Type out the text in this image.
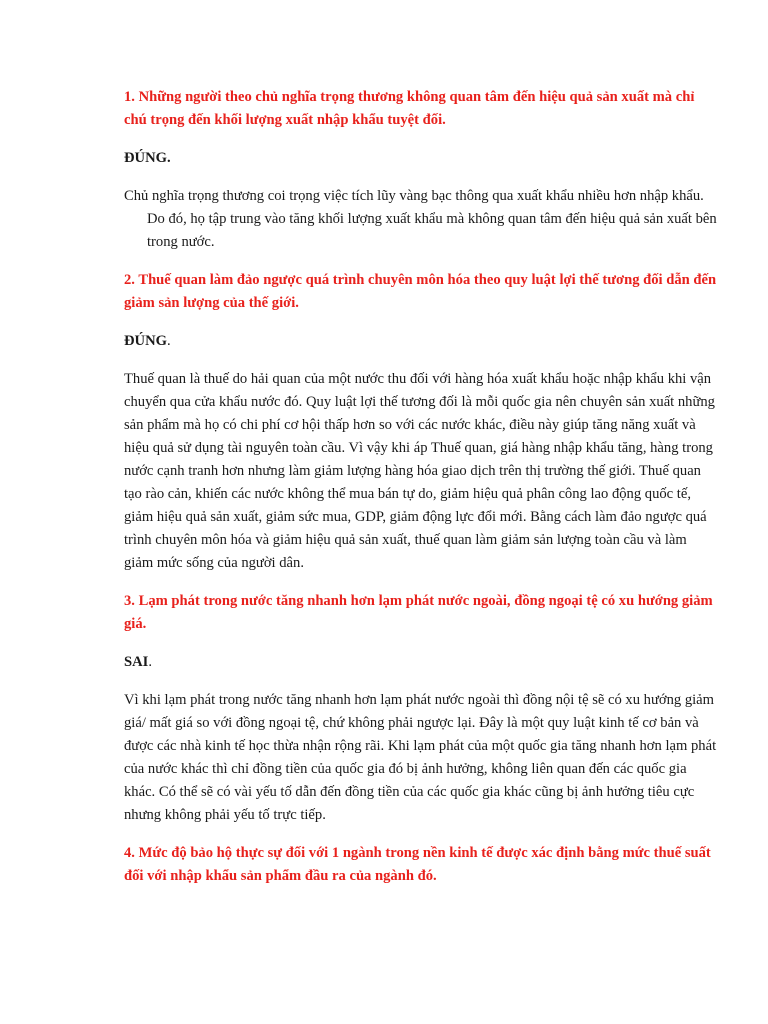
1. Những người theo chủ nghĩa trọng thương không quan tâm đến hiệu quả sản xuất mà chỉ chú trọng đến khối lượng xuất nhập khẩu tuyệt đối.

ĐÚNG.

Chủ nghĩa trọng thương coi trọng việc tích lũy vàng bạc thông qua xuất khẩu nhiều hơn nhập khẩu. Do đó, họ tập trung vào tăng khối lượng xuất khẩu mà không quan tâm đến hiệu quả sản xuất bên trong nước.

2. Thuế quan làm đảo ngược quá trình chuyên môn hóa theo quy luật lợi thế tương đối dẫn đến giảm sản lượng của thế giới.

ĐÚNG.

Thuế quan là thuế do hải quan của một nước thu đối với hàng hóa xuất khẩu hoặc nhập khẩu khi vận chuyển qua cửa khẩu nước đó. Quy luật lợi thế tương đối là mỗi quốc gia nên chuyên sản xuất những sản phẩm mà họ có chi phí cơ hội thấp hơn so với các nước khác, điều này giúp tăng năng xuất và hiệu quả sử dụng tài nguyên toàn cầu. Vì vậy khi áp Thuế quan, giá hàng nhập khẩu tăng, hàng trong nước cạnh tranh hơn nhưng làm giảm lượng hàng hóa giao dịch trên thị trường thế giới. Thuế quan tạo rào cản, khiến các nước không thể mua bán tự do, giảm hiệu quả phân công lao động quốc tế, giảm hiệu quả sản xuất, giảm sức mua, GDP, giảm động lực đổi mới. Bằng cách làm đảo ngược quá trình chuyên môn hóa và giảm hiệu quả sản xuất, thuế quan làm giảm sản lượng toàn cầu và làm giảm mức sống của người dân.

3. Lạm phát trong nước tăng nhanh hơn lạm phát nước ngoài, đồng ngoại tệ có xu hướng giảm giá.

SAI.

Vì khi lạm phát trong nước tăng nhanh hơn lạm phát nước ngoài thì đồng nội tệ sẽ có xu hướng giảm giá/ mất giá so với đồng ngoại tệ, chứ không phải ngược lại. Đây là một quy luật kinh tế cơ bản và được các nhà kinh tế học thừa nhận rộng rãi. Khi lạm phát của một quốc gia tăng nhanh hơn lạm phát của nước khác thì chỉ đồng tiền của quốc gia đó bị ảnh hưởng, không liên quan đến các quốc gia khác. Có thể sẽ có vài yếu tố dẫn đến đồng tiền của các quốc gia khác cũng bị ảnh hưởng tiêu cực nhưng không phải yếu tố trực tiếp.

4. Mức độ bảo hộ thực sự đối với 1 ngành trong nền kinh tế được xác định bằng mức thuế suất đối với nhập khẩu sản phẩm đầu ra của ngành đó.
